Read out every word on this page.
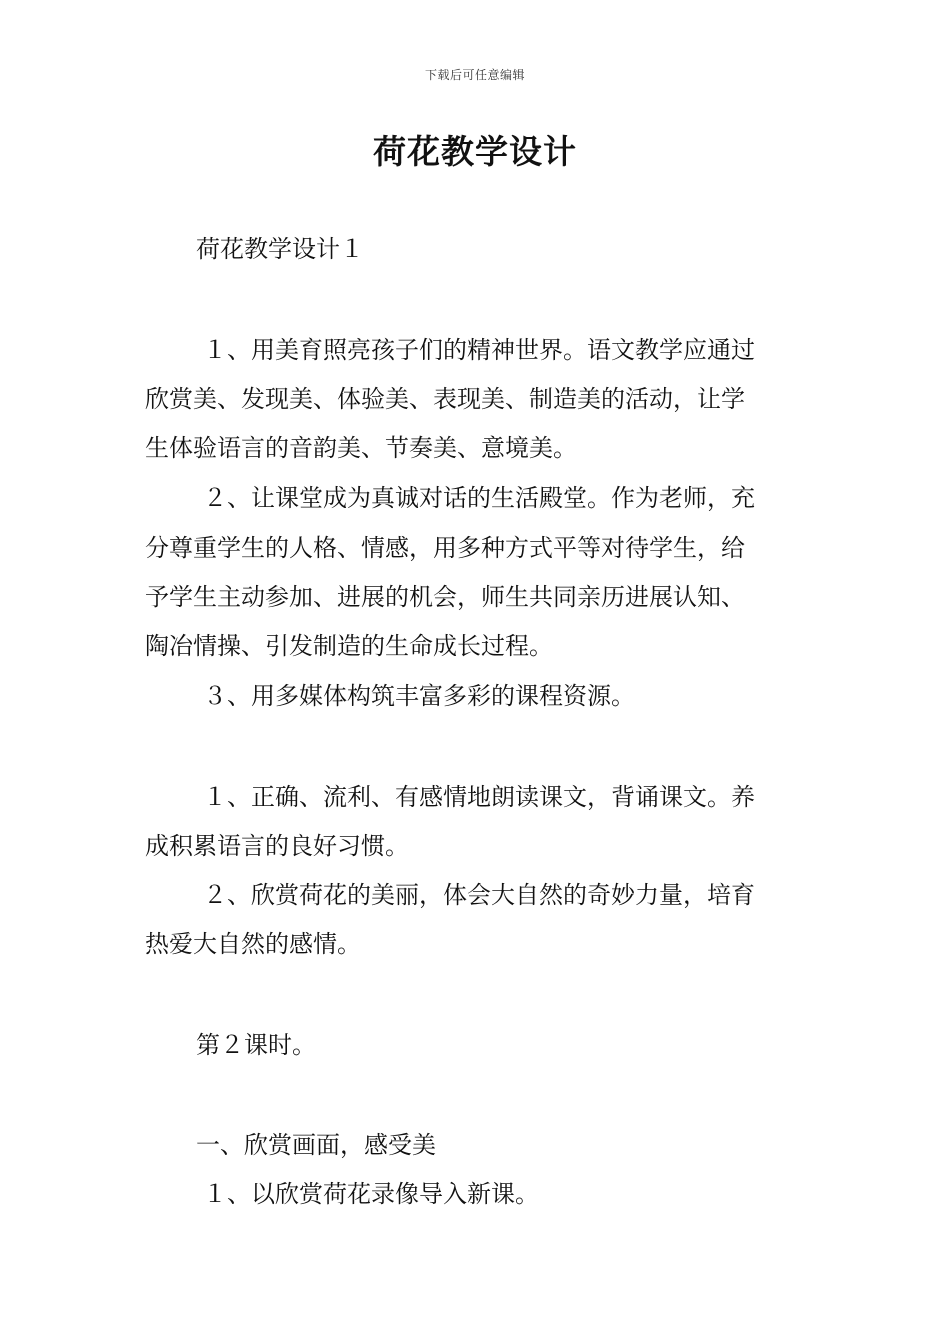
下载后可任意编辑
荷花教学设计
荷花教学设计１
１、用美育照亮孩子们的精神世界。语文教学应通过
欣赏美、发现美、体验美、表现美、制造美的活动，让学
生体验语言的音韵美、节奏美、意境美。
２、让课堂成为真诚对话的生活殿堂。作为老师，充
分尊重学生的人格、情感，用多种方式平等对待学生，给
予学生主动参加、进展的机会，师生共同亲历进展认知、
陶冶情操、引发制造的生命成长过程。
３、用多媒体构筑丰富多彩的课程资源。
１、正确、流利、有感情地朗读课文，背诵课文。养
成积累语言的良好习惯。
２、欣赏荷花的美丽，体会大自然的奇妙力量，培育
热爱大自然的感情。
第２课时。
一、欣赏画面，感受美
１、以欣赏荷花录像导入新课。
